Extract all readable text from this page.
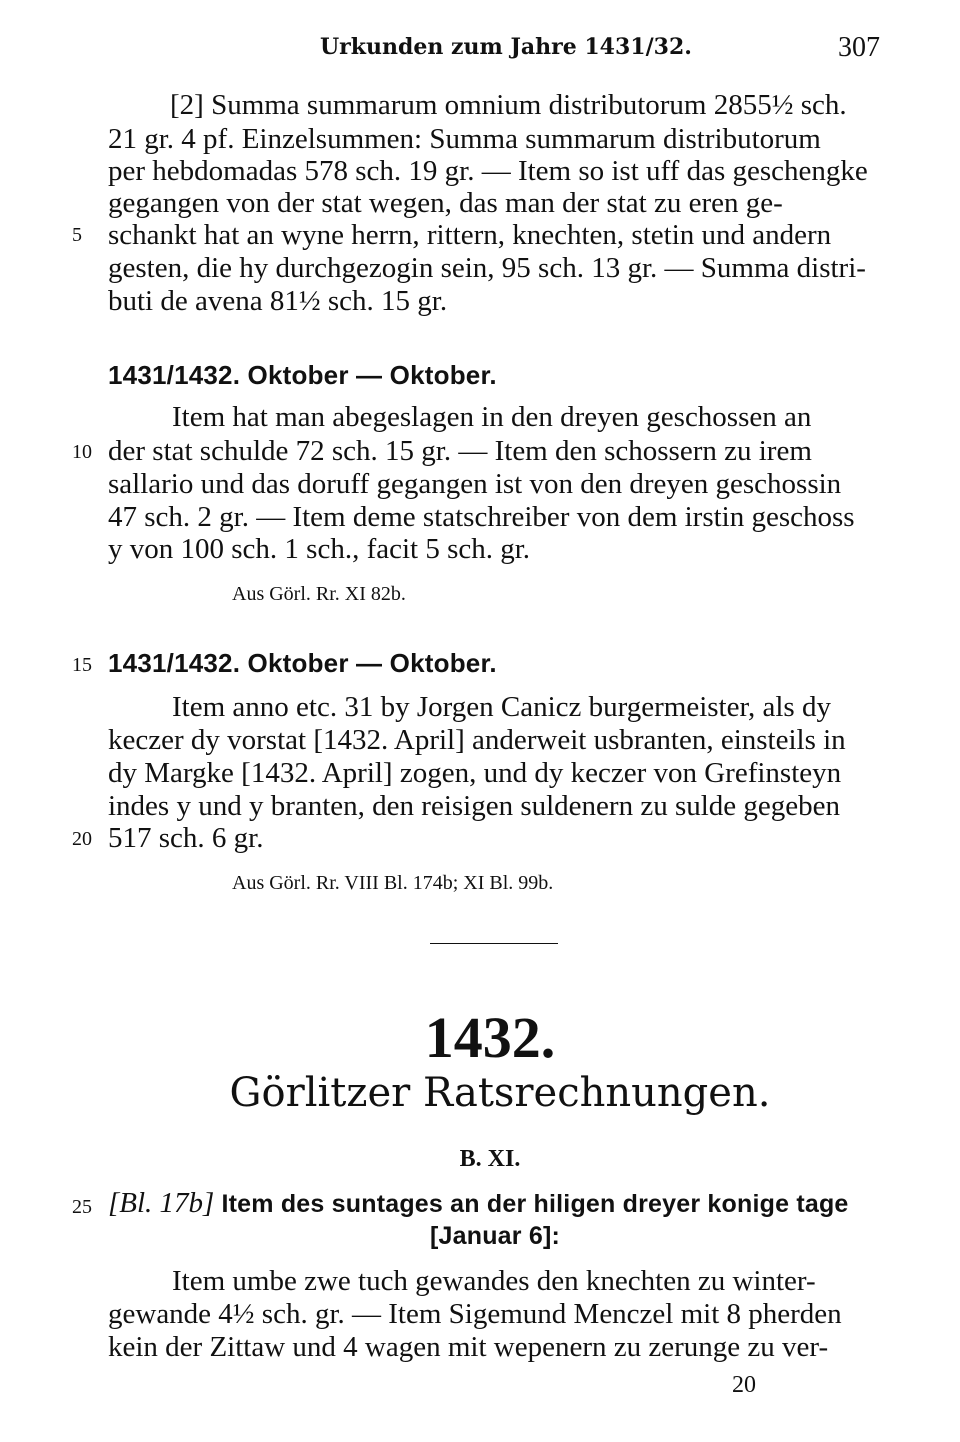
Urkunden zum Jahre 1431/32.	307
[2] Summa summarum omnium distributorum 2855½ sch.
21 gr. 4 pf. Einzelsummen: Summa summarum distributorum
per hebdomadas 578 sch. 19 gr. — Item so ist uff das geschengke
gegangen von der stat wegen, das man der stat zu eren ge-
5 schankt hat an wyne herrn, rittern, knechten, stetin und andern
gesten, die hy durchgezogin sein, 95 sch. 13 gr. — Summa distri-
buti de avena 81½ sch. 15 gr.
1431/1432. Oktober — Oktober.
Item hat man abegeslagen in den dreyen geschossen an
10 der stat schulde 72 sch. 15 gr. — Item den schossern zu irem
sallario und das doruff gegangen ist von den dreyen geschossin
47 sch. 2 gr. — Item deme statschreiber von dem irstin geschoss
y von 100 sch. 1 sch., facit 5 sch. gr.
Aus Görl. Rr. XI 82b.
15 1431/1432. Oktober — Oktober.
Item anno etc. 31 by Jorgen Canicz burgermeister, als dy
keczer dy vorstat [1432. April] anderweit usbranten, einsteils in
dy Margke [1432. April] zogen, und dy keczer von Grefinsteyn
indes y und y branten, den reisigen suldenern zu sulde gegeben
20 517 sch. 6 gr.
Aus Görl. Rr. VIII Bl. 174b; XI Bl. 99b.
1432.
Görlitzer Ratsrechnungen.
B. XI.
25 [Bl. 17b] Item des suntages an der hiligen dreyer konige tage
[Januar 6]:
Item umbe zwe tuch gewandes den knechten zu winter-
gewande 4½ sch. gr. — Item Sigemund Menczel mit 8 pherden
kein der Zittaw und 4 wagen mit wepenern zu zerunge zu ver-
20
